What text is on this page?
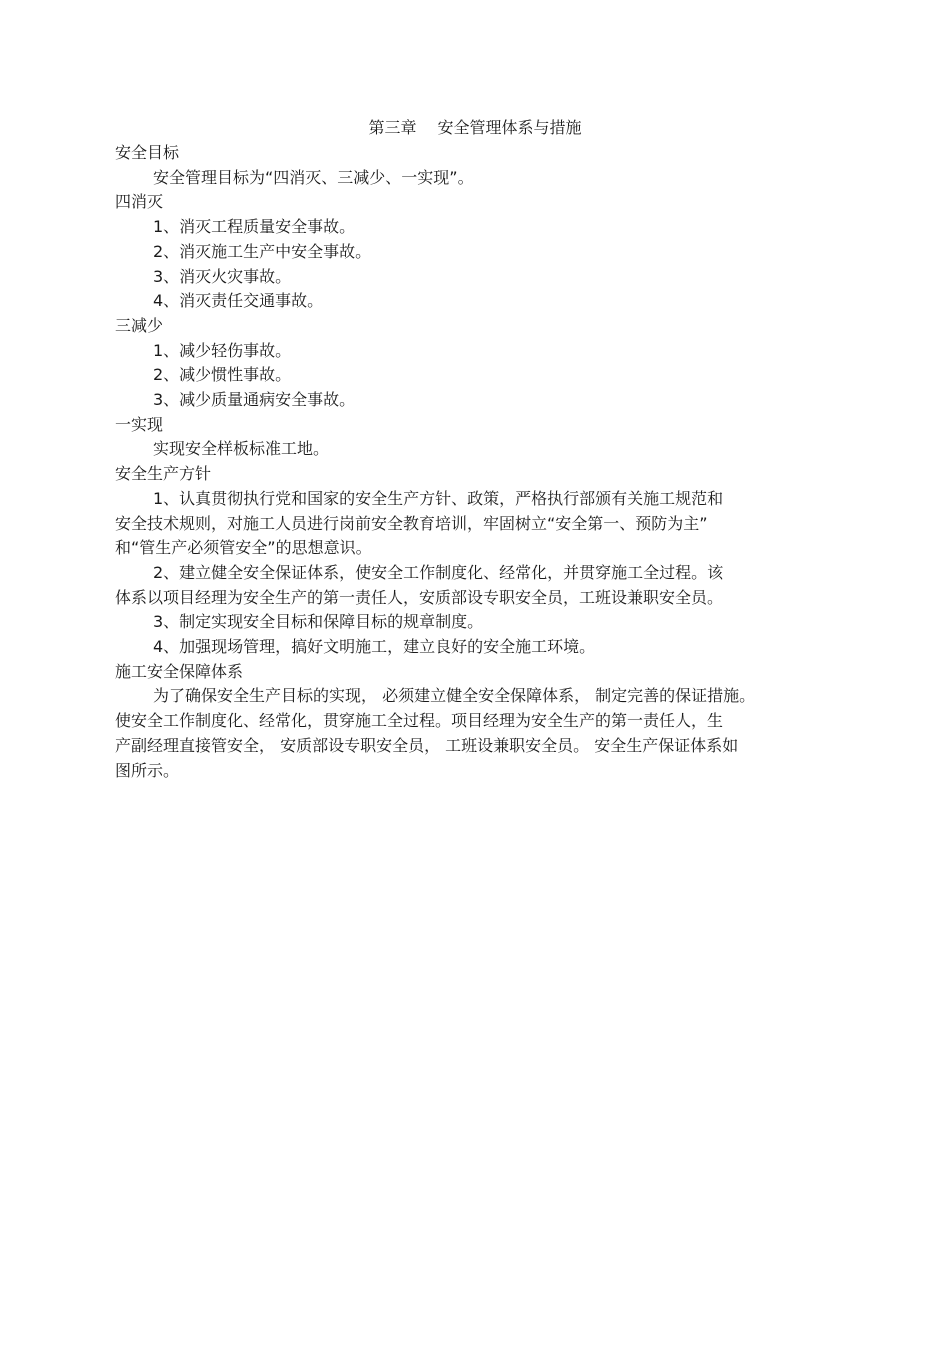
第三章　 安全管理体系与措施
安全目标
安全管理目标为“四消灭、三减少、一实现”。
四消灭
1、消灭工程质量安全事故。
2、消灭施工生产中安全事故。
3、消灭火灾事故。
4、消灭责任交通事故。
三减少
1、减少轻伤事故。
2、减少惯性事故。
3、减少质量通病安全事故。
一实现
实现安全样板标准工地。
安全生产方针
1、认真贯彻执行党和国家的安全生产方针、政策，严格执行部颁有关施工规范和
安全技术规则，对施工人员进行岗前安全教育培训，牢固树立“安全第一、预防为主”
和“管生产必须管安全”的思想意识。
2、建立健全安全保证体系，使安全工作制度化、经常化，并贯穿施工全过程。该
体系以项目经理为安全生产的第一责任人，安质部设专职安全员，工班设兼职安全员。
3、制定实现安全目标和保障目标的规章制度。
4、加强现场管理，搞好文明施工，建立良好的安全施工环境。
施工安全保障体系
为了确保安全生产目标的实现， 必须建立健全安全保障体系， 制定完善的保证措施。
使安全工作制度化、经常化，贯穿施工全过程。项目经理为安全生产的第一责任人，生
产副经理直接管安全， 安质部设专职安全员， 工班设兼职安全员。 安全生产保证体系如
图所示。
